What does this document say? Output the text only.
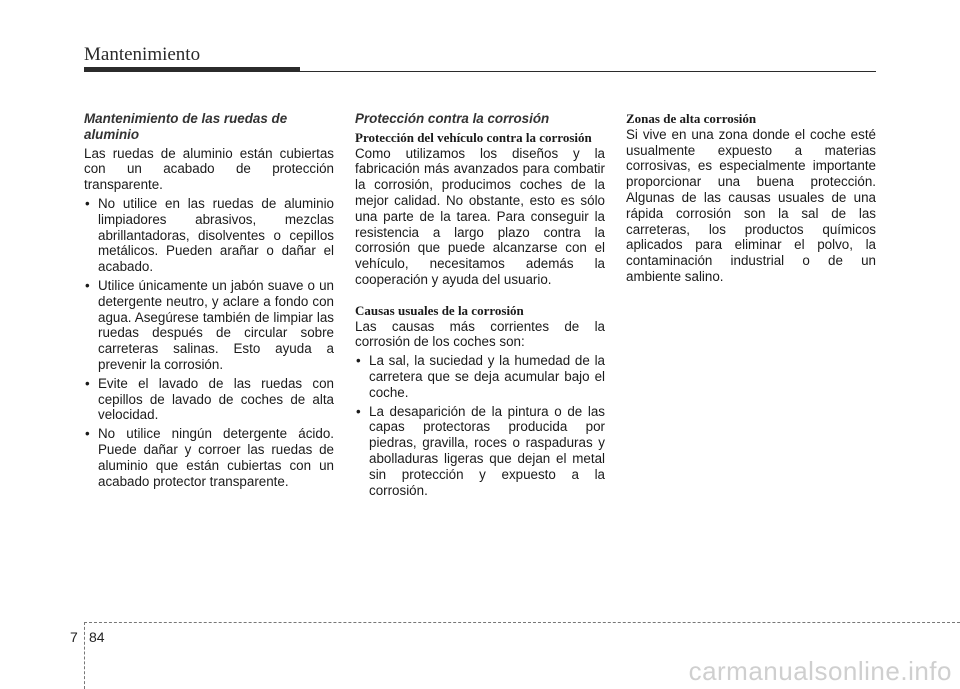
Mantenimiento
Mantenimiento de las ruedas de aluminio

Las ruedas de aluminio están cubiertas con un acabado de protección transparente.

• No utilice en las ruedas de aluminio limpiadores abrasivos, mezclas abrillantadoras, disolventes o cepillos metálicos. Pueden arañar o dañar el acabado.
• Utilice únicamente un jabón suave o un detergente neutro, y aclare a fondo con agua. Asegúrese también de limpiar las ruedas después de circular sobre carreteras salinas. Esto ayuda a prevenir la corrosión.
• Evite el lavado de las ruedas con cepillos de lavado de coches de alta velocidad.
• No utilice ningún detergente ácido. Puede dañar y corroer las ruedas de aluminio que están cubiertas con un acabado protector transparente.
Protección contra la corrosión
Protección del vehículo contra la corrosión

Como utilizamos los diseños y la fabricación más avanzados para combatir la corrosión, producimos coches de la mejor calidad. No obstante, esto es sólo una parte de la tarea. Para conseguir la resistencia a largo plazo contra la corrosión que puede alcanzarse con el vehículo, necesitamos además la cooperación y ayuda del usuario.

Causas usuales de la corrosión

Las causas más corrientes de la corrosión de los coches son:

• La sal, la suciedad y la humedad de la carretera que se deja acumular bajo el coche.
• La desaparición de la pintura o de las capas protectoras producida por piedras, gravilla, roces o raspaduras y abolladuras ligeras que dejan el metal sin protección y expuesto a la corrosión.
Zonas de alta corrosión

Si vive en una zona donde el coche esté usualmente expuesto a materias corrosivas, es especialmente importante proporcionar una buena protección. Algunas de las causas usuales de una rápida corrosión son la sal de las carreteras, los productos químicos aplicados para eliminar el polvo, la contaminación industrial o de un ambiente salino.

7 84
carmanualsonline.info
